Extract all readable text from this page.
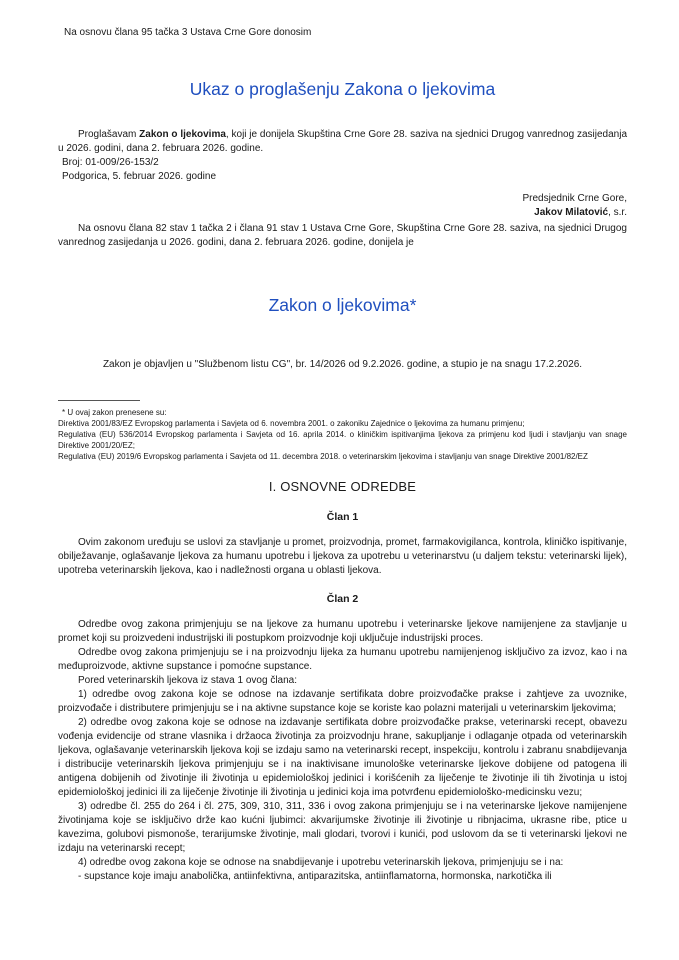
Na osnovu člana 95 tačka 3 Ustava Crne Gore donosim
Ukaz o proglašenju Zakona o ljekovima

Proglašavam Zakon o ljekovima, koji je donijela Skupština Crne Gore 28. saziva na sjednici Drugog vanrednog zasijedanja u 2026. godini, dana 2. februara 2026. godine.

Broj: 01-009/26-153/2
Podgorica, 5. februar 2026. godine
Predsjednik Crne Gore,
Jakov Milatović, s.r.

Na osnovu člana 82 stav 1 tačka 2 i člana 91 stav 1 Ustava Crne Gore, Skupština Crne Gore 28. saziva, na sjednici Drugog vanrednog zasijedanja u 2026. godini, dana 2. februara 2026. godine, donijela je

Zakon o ljekovima*
Zakon je objavljen u "Službenom listu CG", br. 14/2026 od 9.2.2026. godine, a stupio je na snagu 17.2.2026.
* U ovaj zakon prenesene su:
Direktiva 2001/83/EZ Evropskog parlamenta i Savjeta od 6. novembra 2001. o zakoniku Zajednice o ljekovima za humanu primjenu;
Regulativa (EU) 536/2014 Evropskog parlamenta i Savjeta od 16. aprila 2014. o kliničkim ispitivanjima ljekova za primjenu kod ljudi i stavljanju van snage Direktive 2001/20/EZ;
Regulativa (EU) 2019/6 Evropskog parlamenta i Savjeta od 11. decembra 2018. o veterinarskim ljekovima i stavljanju van snage Direktive 2001/82/EZ
I. OSNOVNE ODREDBE
Član 1

Ovim zakonom uređuju se uslovi za stavljanje u promet, proizvodnja, promet, farmakovigilanca, kontrola, kliničko ispitivanje, obilježavanje, oglašavanje ljekova za humanu upotrebu i ljekova za upotrebu u veterinarstvu (u daljem tekstu: veterinarski lijek), upotreba veterinarskih ljekova, kao i nadležnosti organa u oblasti ljekova.

Član 2

Odredbe ovog zakona primjenjuju se na ljekove za humanu upotrebu i veterinarske ljekove namijenjene za stavljanje u promet koji su proizvedeni industrijski ili postupkom proizvodnje koji uključuje industrijski proces.

Odredbe ovog zakona primjenjuju se i na proizvodnju lijeka za humanu upotrebu namijenjenog isključivo za izvoz, kao i na međuproizvode, aktivne supstance i pomoćne supstance.

Pored veterinarskih ljekova iz stava 1 ovog člana:

1) odredbe ovog zakona koje se odnose na izdavanje sertifikata dobre proizvođačke prakse i zahtjeve za uvoznike, proizvođače i distributere primjenjuju se i na aktivne supstance koje se koriste kao polazni materijali u veterinarskim ljekovima;

2) odredbe ovog zakona koje se odnose na izdavanje sertifikata dobre proizvođačke prakse, veterinarski recept, obavezu vođenja evidencije od strane vlasnika i držaoca životinja za proizvodnju hrane, sakupljanje i odlaganje otpada od veterinarskih ljekova, oglašavanje veterinarskih ljekova koji se izdaju samo na veterinarski recept, inspekciju, kontrolu i zabranu snabdijevanja i distribucije veterinarskih ljekova primjenjuju se i na inaktivisane imunološke veterinarske ljekove dobijene od patogena ili antigena dobijenih od životinje ili životinja u epidemiološkoj jedinici i korišćenih za liječenje te životinje ili tih životinja u istoj epidemiološkoj jedinici ili za liječenje životinje ili životinja u jedinici koja ima potvrđenu epidemiološko-medicinsku vezu;

3) odredbe čl. 255 do 264 i čl. 275, 309, 310, 311, 336 i ovog zakona primjenjuju se i na veterinarske ljekove namijenjene životinjama koje se isključivo drže kao kućni ljubimci: akvarijumske životinje ili životinje u ribnjacima, ukrasne ribe, ptice u kavezima, golubovi pismonoše, terarijumske životinje, mali glodari, tvorovi i kunići, pod uslovom da se ti veterinarski ljekovi ne izdaju na veterinarski recept;

4) odredbe ovog zakona koje se odnose na snabdijevanje i upotrebu veterinarskih ljekova, primjenjuju se i na:

- supstance koje imaju anabolička, antiinfektivna, antiparazitska, antiinflamatorna, hormonska, narkotička ili
